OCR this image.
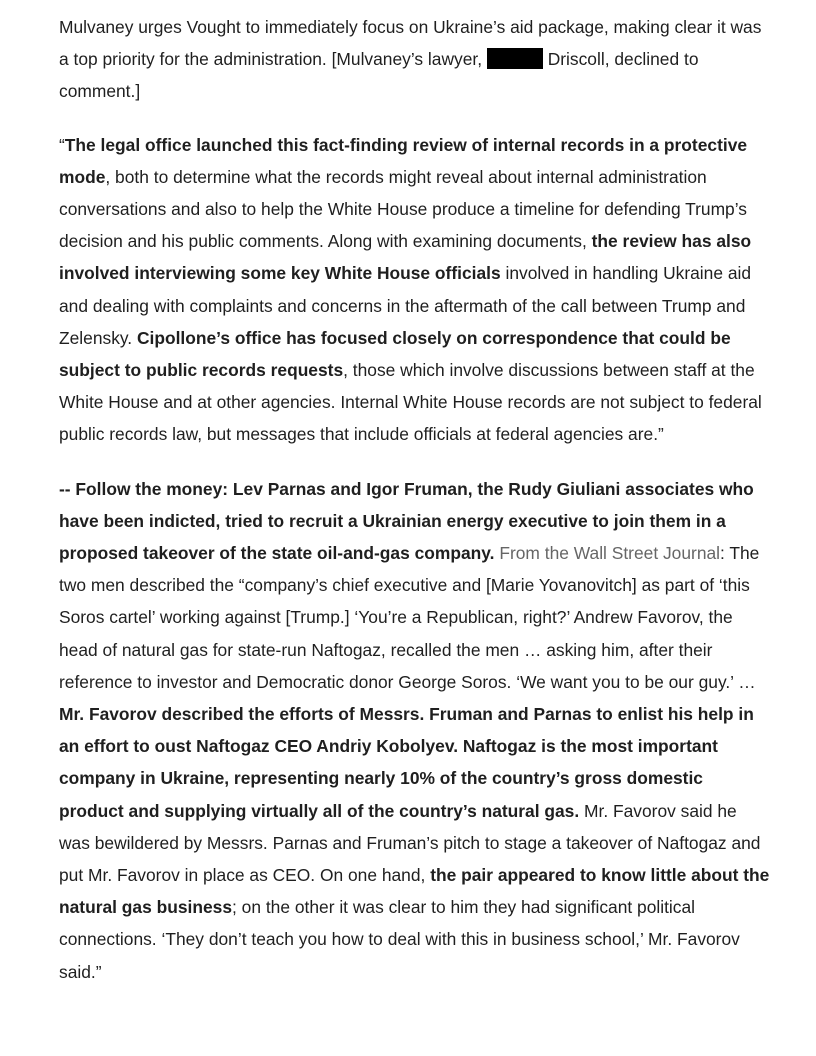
Mulvaney urges Vought to immediately focus on Ukraine’s aid package, making clear it was a top priority for the administration. [Mulvaney’s lawyer,	Driscoll, declined to comment.]

“The legal office launched this fact-finding review of internal records in a protective mode, both to determine what the records might reveal about internal administration conversations and also to help the White House produce a timeline for defending Trump’s decision and his public comments. Along with examining documents, the review has also involved interviewing some key White House officials involved in handling Ukraine aid and dealing with complaints and concerns in the aftermath of the call between Trump and Zelensky. Cipollone’s office has focused closely on correspondence that could be subject to public records requests, those which involve discussions between staff at the White House and at other agencies. Internal White House records are not subject to federal public records law, but messages that include officials at federal agencies are.”

-- Follow the money: Lev Parnas and Igor Fruman, the Rudy Giuliani associates who have been indicted, tried to recruit a Ukrainian energy executive to join them in a proposed takeover of the state oil-and-gas company. From the Wall Street Journal: The two men described the “company’s chief executive and [Marie Yovanovitch] as part of ‘this Soros cartel’ working against [Trump.] ‘You’re a Republican, right?’ Andrew Favorov, the head of natural gas for state-run Naftogaz, recalled the men … asking him, after their reference to investor and Democratic donor George Soros. ‘We want you to be our guy.’ … Mr. Favorov described the efforts of Messrs. Fruman and Parnas to enlist his help in an effort to oust Naftogaz CEO Andriy Kobolyev. Naftogaz is the most important company in Ukraine, representing nearly 10% of the country’s gross domestic product and supplying virtually all of the country’s natural gas. Mr. Favorov said he was bewildered by Messrs. Parnas and Fruman’s pitch to stage a takeover of Naftogaz and put Mr. Favorov in place as CEO. On one hand, the pair appeared to know little about the natural gas business; on the other it was clear to him they had significant political connections. ‘They don’t teach you how to deal with this in business school,’ Mr. Favorov said.”
